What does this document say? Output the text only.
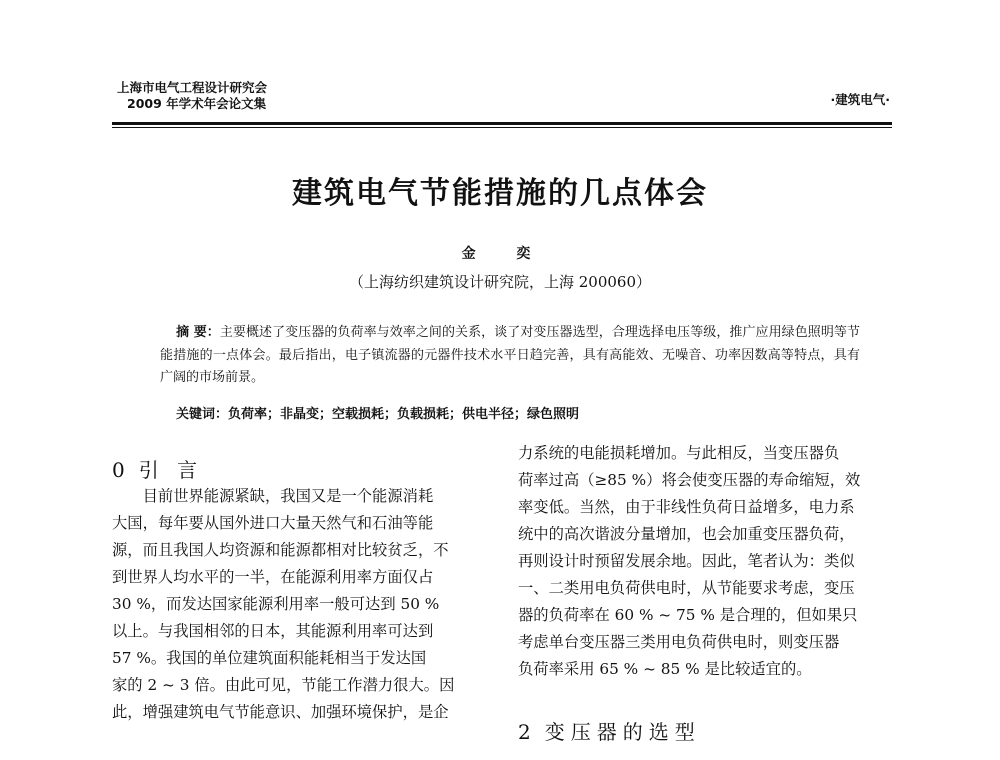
上海市电气工程设计研究会
2009 年学术年会论文集	·建筑电气·
建筑电气节能措施的几点体会
金 奕
（上海纺织建筑设计研究院，上海 200060）
摘 要：主要概述了变压器的负荷率与效率之间的关系，谈了对变压器选型，合理选择电压等级，推广应用绿色照明等节能措施的一点体会。最后指出，电子镇流器的元器件技术水平日趋完善，具有高能效、无噪音、功率因数高等特点，具有广阔的市场前景。
关键词：负荷率；非晶变；空载损耗；负载损耗；供电半径；绿色照明
0 引 言

目前世界能源紧缺，我国又是一个能源消耗

大国，每年要从国外进口大量天然气和石油等能

源，而且我国人均资源和能源都相对比较贫乏，不

到世界人均水平的一半，在能源利用率方面仅占

30 %，而发达国家能源利用率一般可达到 50 %

以上。与我国相邻的日本，其能源利用率可达到

57 %。我国的单位建筑面积能耗相当于发达国

家的 2 ~ 3 倍。由此可见，节能工作潜力很大。因

此，增强建筑电气节能意识、加强环境保护，是企

力系统的电能损耗增加。与此相反，当变压器负

荷率过高（≥85 %）将会使变压器的寿命缩短，效

率变低。当然，由于非线性负荷日益增多，电力系

统中的高次谐波分量增加，也会加重变压器负荷，

再则设计时预留发展余地。因此，笔者认为：类似

一、二类用电负荷供电时，从节能要求考虑，变压

器的负荷率在 60 % ~ 75 % 是合理的，但如果只

考虑单台变压器三类用电负荷供电时，则变压器

负荷率采用 65 % ~ 85 % 是比较适宜的。

2 变压器的选型
